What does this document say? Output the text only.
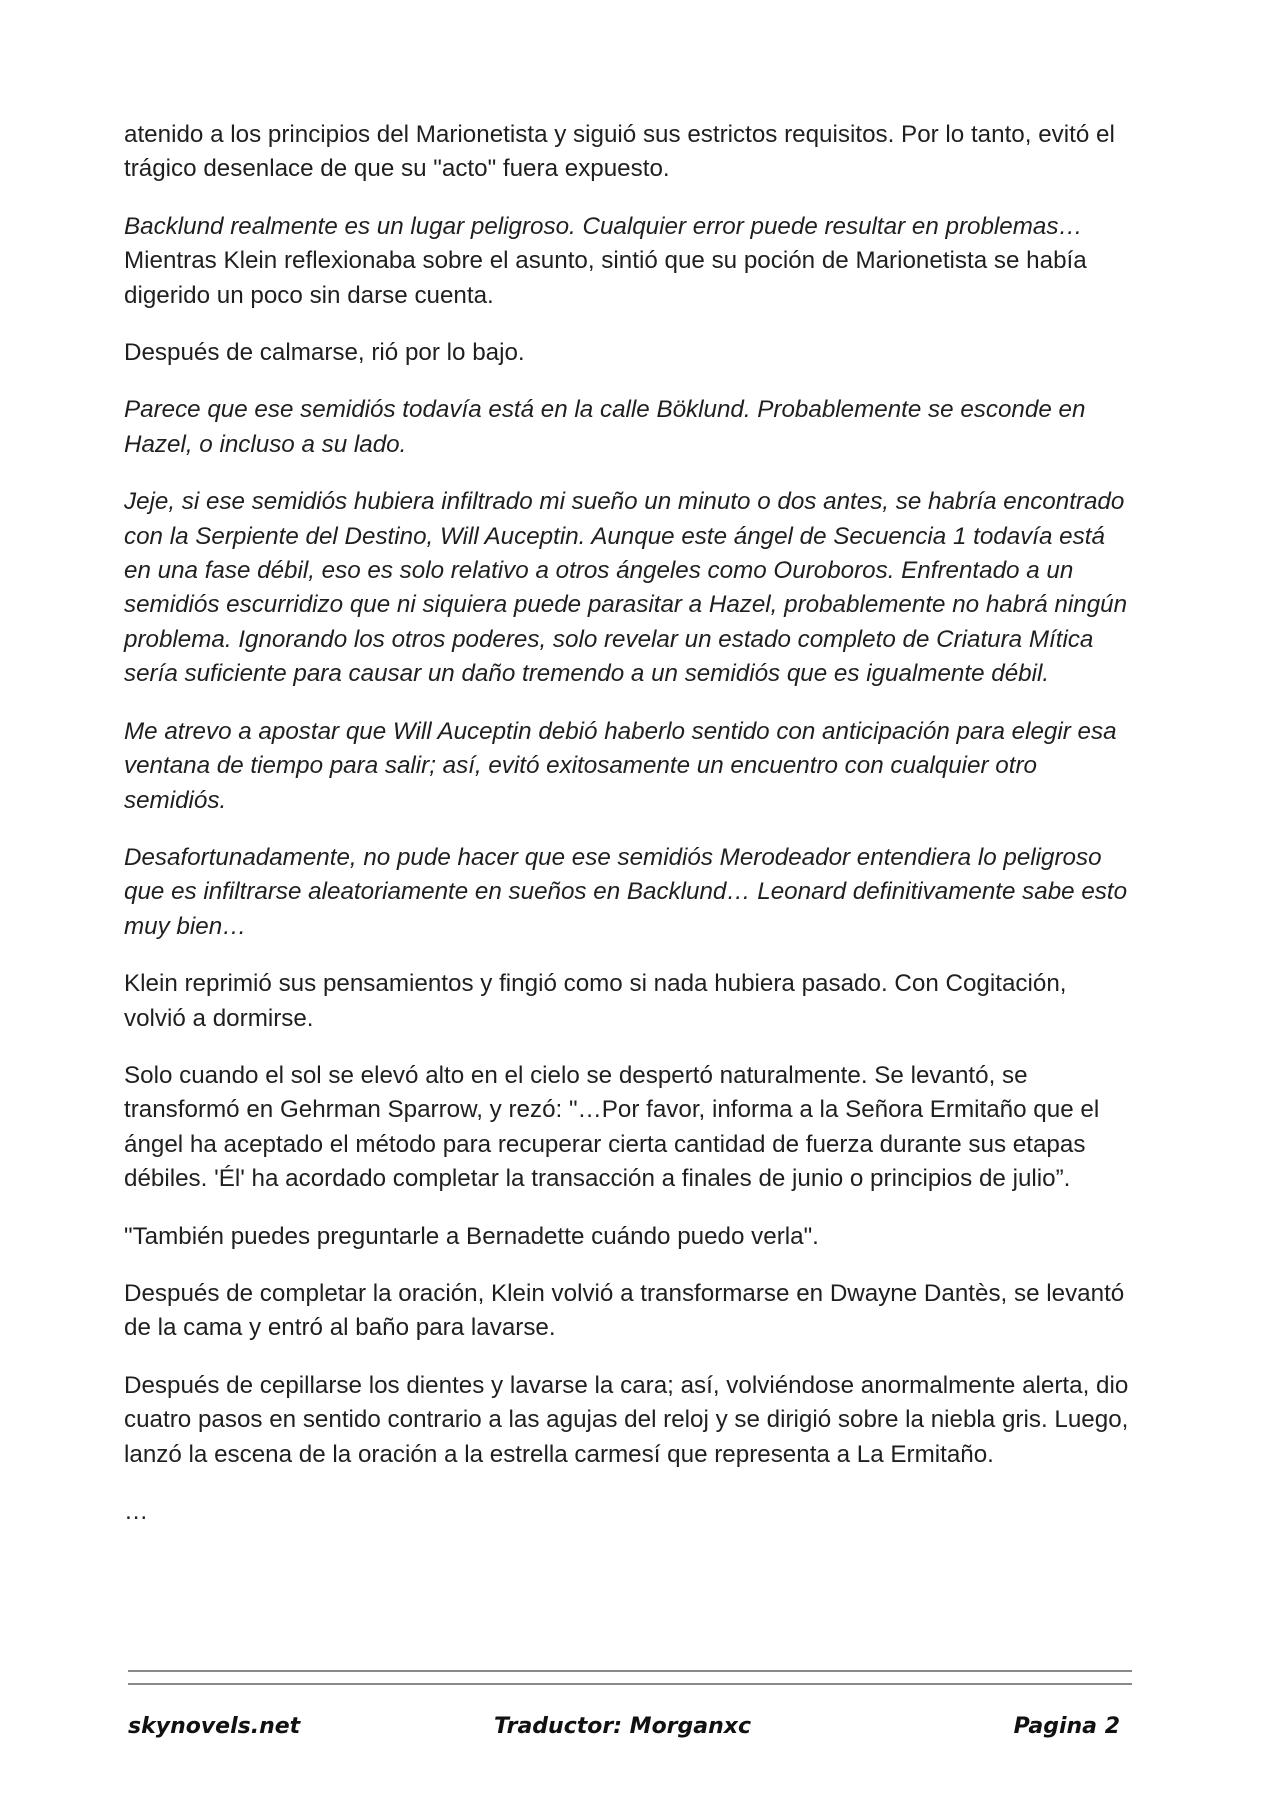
atenido a los principios del Marionetista y siguió sus estrictos requisitos. Por lo tanto, evitó el trágico desenlace de que su "acto" fuera expuesto.

Backlund realmente es un lugar peligroso. Cualquier error puede resultar en problemas… Mientras Klein reflexionaba sobre el asunto, sintió que su poción de Marionetista se había digerido un poco sin darse cuenta.

Después de calmarse, rió por lo bajo.

Parece que ese semidiós todavía está en la calle Böklund. Probablemente se esconde en Hazel, o incluso a su lado.

Jeje, si ese semidiós hubiera infiltrado mi sueño un minuto o dos antes, se habría encontrado con la Serpiente del Destino, Will Auceptin. Aunque este ángel de Secuencia 1 todavía está en una fase débil, eso es solo relativo a otros ángeles como Ouroboros. Enfrentado a un semidiós escurridizo que ni siquiera puede parasitar a Hazel, probablemente no habrá ningún problema. Ignorando los otros poderes, solo revelar un estado completo de Criatura Mítica sería suficiente para causar un daño tremendo a un semidiós que es igualmente débil.

Me atrevo a apostar que Will Auceptin debió haberlo sentido con anticipación para elegir esa ventana de tiempo para salir; así, evitó exitosamente un encuentro con cualquier otro semidiós.

Desafortunadamente, no pude hacer que ese semidiós Merodeador entendiera lo peligroso que es infiltrarse aleatoriamente en sueños en Backlund… Leonard definitivamente sabe esto muy bien…

Klein reprimió sus pensamientos y fingió como si nada hubiera pasado. Con Cogitación, volvió a dormirse.

Solo cuando el sol se elevó alto en el cielo se despertó naturalmente. Se levantó, se transformó en Gehrman Sparrow, y rezó: "…Por favor, informa a la Señora Ermitaño que el ángel ha aceptado el método para recuperar cierta cantidad de fuerza durante sus etapas débiles. 'Él' ha acordado completar la transacción a finales de junio o principios de julio”.

"También puedes preguntarle a Bernadette cuándo puedo verla".

Después de completar la oración, Klein volvió a transformarse en Dwayne Dantès, se levantó de la cama y entró al baño para lavarse.

Después de cepillarse los dientes y lavarse la cara; así, volviéndose anormalmente alerta, dio cuatro pasos en sentido contrario a las agujas del reloj y se dirigió sobre la niebla gris. Luego, lanzó la escena de la oración a la estrella carmesí que representa a La Ermitaño.

…

skynovels.net	Traductor: Morganxc	Pagina 2
